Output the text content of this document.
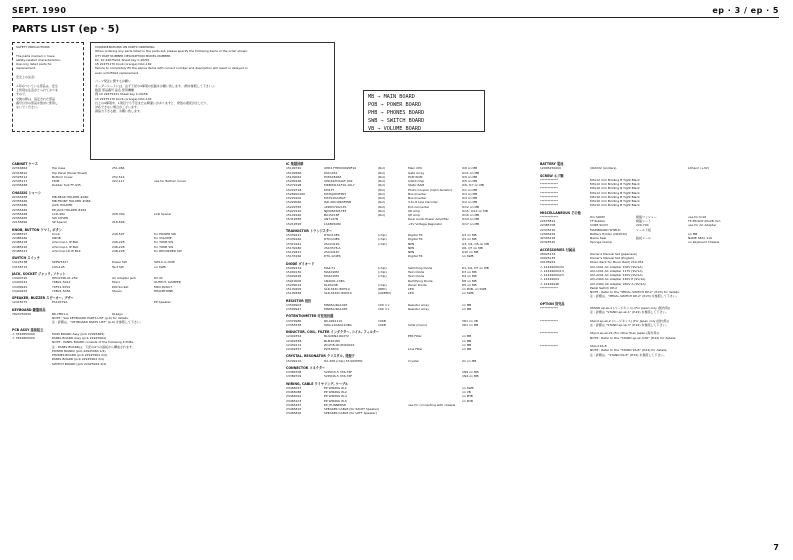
SEPT. 1990	ep · 3 / ep · 5
PARTS LIST (ep · 5)
SAFETY PRECAUTIONS
The parts marked ⚠ have
safety-related characteristics.
Use only listed parts for
replacement.
安全上の注意：
⚠印のついている部品は、安全
上特別な注意がとられておりま
すので、
交換の際は、指定された部品
番号以外の部品を絶対に使用し
ないでください。
CONSIDERATIONS ON PARTS ORDERING
When ordering any parts listed in the parts list, please specify the following items in the order shown:
QTY PART NUMBER DESCRIPTION MODEL NUMBER
Ex. 10 22675241 Sheet key C-20/56
15 22475170 Knob (orange) DAC-102
Failure to completely fill the above items with correct number and description will result in delayed or
even unfulfilled replacement.
パーツ発注に関するお願い
オーダーシートには、必ず下記の4事項の記載をお願い致します。(例を参照して下さい。)
数量 部品番号 品名 使用機種
例 10 22675241 Sheet key C-20/56
15 22475170 Knob (orange) DAC-102
以上の4事項中、1項目でも不足または間違いがありますと、発送の遅延が生じたり、
対応できない場合がございます。
御協力下さる様、お願い致します。
MB → MAIN BOARD
POB → POWER BOARD
PHB → PHONES BOARD
SWB → SWITCH BOARD
VB → VOLUME BOARD
CABINET ケース
22316864	Top Case	251-984
22316810	Top Panel (Panel Sheet)
22325514	Bottom Cover	252-514
22335117	TRIM	222-117	use for Bottom Cover
22335468	Rubber foot FF-035
CHASSIS シャーシ
22355465	MB REAR HOLDER #460
22355466	MB FRONT HOLDER #466
22355480	JACK HOLDER
22355482	EP JACK HOLDER #462
22355468	LCD-462	228-300	LCD Spacer
22355465	SW COVER
22155696	SP Spacer	216-696
KNOB, BUTTON ツマミ, ボタン
22485597	Knob	249-597	for POWER SW
22486160	KNOB	for VOLUME
22485218	A/Scroop L IP BLK	246-228	for TONE SW
22485220	A/Scroop L IP BLK	248-228	for TONE SW
22485223	A/Scroop LD IP BLK	248-228	for RECORDER SW
SWITCH スイッチ
13125138	SPPW3327	Power SW	SW10 on POB
13156715	LOS-105	Tact SW	on SWB
JACK, SOCKET ジャック, ソケット
13440720	HEC0398-01-250	AC Adapter Jack	DC IN
13440144	YKB21-5012	Mono	OUTPUT, DAMPER
13439925	YKF51-5054	DIN Socket	MIDI IN/OUT
13440252	YKB21-5056	Stereo	HEADPHONE
SPEAKER, BUZZER スピーカー, ブザー
12415075	PS12K79A	EP Speaker
KEYBOARD 鍵盤部品
7824750000	BK-7M01-A	61keys
NOTE : See KEYBOARD PARTS LIST (p.9) for details.
注 : 詳細は、“KEYBOARD PARTS LIST” (p.9) を参照して下さい。
PCB ASSY 基板組立
⚠ 7824850000	MAIN BOARD Assy (pcb 22925869)
⚠ 7824860000	PANEL BOARD Assy (pcb 22925964)
NOTE : PANEL BOARD consists of the following 4 PCBs.
注 : PANEL BOARDは、下記の4つの基板から構成されます。
POWER BOARD (pcb 22925964 1/4)
PHONES BOARD (pcb 22925964 2/4)
PANEL BOARD (pcb 22925964 3/4)
SWITCH BOARD (pcb 22925964 4/4)
IC 集積回路
15199720	UPD4 FHE0090Z9F10	(Rol)	Main CPU	IC6 on MB
15199566	KSC1051	(Rol)	Gate Array	IC11 on MB
15199062	P35S2826Z	(Rol)	PCM ROM	IC9 on MB
15299166	UPD442C04AF-002	(Rol)	Intsth Chip	IC5 on MB
15279198	M48M41S1F10-10L7	(Rol)	Static RAM	IC6, IC7 on MB
15229718	KM13T	(Rol)	Photo Coupler (Opto-Isolator)	IC1 on MB
1528200160	M37KJ0P9FP05	(Rol)	Bus Inverter	IC3 on MB
15229100	M37S1K228AF	(Rol)	Bus Inverter	IC4 on MB
15229060	ISD-46C1860FP5B	(Rol)	3-to-8 Line Decoder	IC2 on MB
15229765	uPD6379G3-E1	(Rol)	D/A Converter	IC12 on MB
15229120	NJM4565M-TE3	(Rol)	OP Amp	IC15, IC14 on MB
15149160	BA15218F	(Rol)	OP Amp	IC16 on MB
15319585	AN7147N	Dual Audio Power Amplifier	IC10 on MB
15219595	LS4805080	+5V Voltage Regulator	IC17 on MB
TRANSISTOR トランジスター
15339221	DTA114EK	(chip)	Digital TR	Q3 on MB
15339160	DTC124EK	(chip)	Digital TR	Q1 on MB
15319161	2SC2412K	(chip)	NPN	Q3, Q4, Q5 on MB
15139180	2SC3578-A	NPN	Q6, Q7 on MB
15129421	2SC4416Y	NPN	Q10 on MB
15133160	DTC-124ES	Digital TR	on SWB
DIODE ダイオード
15009134	MA4-T1	(chip)	Switching Diode	D1, D2, D7 on MB
15009130	MA4X2M2	(chip)	Twin Diode	D3 on MB
15009228	MA4X2M2	(chip)	Twin Diode	D4 on MB
15019006	1N4001-10EA	Rectifying Diode	D8 on MB
15209012	RLZ4A3B	(chip)	Zener Diode	D5 on MB
15109205	SLR-343C 80PI10	(RED)	LED	on POB, on SWB
15109348	SLR-3440C 80PI10	(GREEN)	LED	on SWB
RESISTOR 抵抗
13509903	MN95A/RA102E	100 ××	Resistor Array	on MB
13509947	MN95A/RA103E	10K ××	Resistor Array	on MB
POTENTIOMETER 可変抵抗器
13379980	RK-09K1110	10KB	VR1 on VB
13355538	SWA-19ASDL1DBA	10KB	Slide (mono)	VR1 on MB
INDUCTOR, COIL, FILTER インダクター, コイル, フィルター
12449354	BLO2RN2-R62T2	EMI Filter	on MB
12449358	BLM32180	on MB
12439174	ZCAT-B-00-PDZ0016	on MB
12449357	PLT1R63C	Line Filter	on MB
CRYSTAL, RESONATOR クリスタル, 発振子
15299110	HA-308 (chip) 33.000MHz	Crystal	X1 on MB
CONNECTOR コネクター
13389708	52PO1S-5 336-76F	CN9 on MB
13389709	52PO4S-5 336-76F	CN4 on MB
WIRING, CABLE ワイヤリング, ケーブル
23465057	EP WIRING W-1	on SWB
23465088	EP WIRING W-2	on VB
23465092	EP WIRING W-4	on PHB
23465103	EP WIRING W-5	on POB
23465467	EP JTUNNERSE	use for connecting with chassis
23465815	SPEAKER CABLE (for RIGHT Speaker)
23465816	SPEAKER CABLE (for LEFT Speaker)
BATTERY 電池
12905250000	CR2032 (Andlers)	Lithium (+3V)
SCREW ネジ類
************	M3x12 mm Binding B Tight Black
************	M3x10 mm Binding B Tight Black
************	M3x16 mm Binding B Tight Black
************	M3x12 mm Binding B Tight Black
************	M4x16 mm Binding B Tight Black
************	M3x16 mm Binding B Tight Black
************	M3x10 mm Binding B Tight Black
MISCELLANEOUS その他
************	IC1 SOKM	樹脂ワッシャー	use for IC16
22675812	TF Rubber	樹脂シート	TF-PR-SCP 20x28 mm
22385708	CORE SCCH	220-700	use for AC Adapter
22335210	MAINBOARD SHIELD	シールド板
12905429	Battery Holder (CR2032)	on MB
42305118	Name Seal	銘板シール	NAME SEAL 119
22325520	Sponge Clamp	on Keyboard Chassis
ACCESSORIES 付属品
28025134	Owner's Manual Set (Japanese)
29025135	Owner's Manual Set (English)
29195954	Music Rack for Music Rest) 210-954
⚠ 12449000/33	ACI-1001 AC Adapter 100V (9V/1A)
⚠ 12449000/13	ACI-1201 AC Adapter 117V (9V/1A)
⚠ 12449000/23	ACI-2201 AC Adapter 220V (9V/1A)
⚠ 12449004	ACI-2404 AC Adapter 240V E (9V/1A)
⚠ 12449948	ACI-240A AC Adapter 240V A (9V/1A)
************	Pedal Switch DP-2
NOTE : Refer to the “PEDAL SWITCH DP-2” (P.23) for details.
注 : 詳細は、“PEDAL SWITCH DP-2” (P.23) を参照して下さい。
OPTION 別売品
************	STAND ep-sk-1 (ベージキッス) (For Japan only (国内用))
注 : 詳細は “STAND ep-sk-1” (P.22) を参照して下さい。
************	Stand ep-sk-2 (ベージキッス) (For Japan only (国内用))
注 : 詳細は “STAND ep-sk-3” (P.22) を参照して下さい。
************	Stand ep-sk-2k (For other than Japan (海外用))
NOTE : Refer to the “STAND ep-sk-3/3k” (P.22) for details.
************	Stand KS-8
NOTE : Refer to the “STAND KS-8” (P.24) for details.
注 : 詳細は、“STAND KS-8” (P.24) を参照して下さい。
7
